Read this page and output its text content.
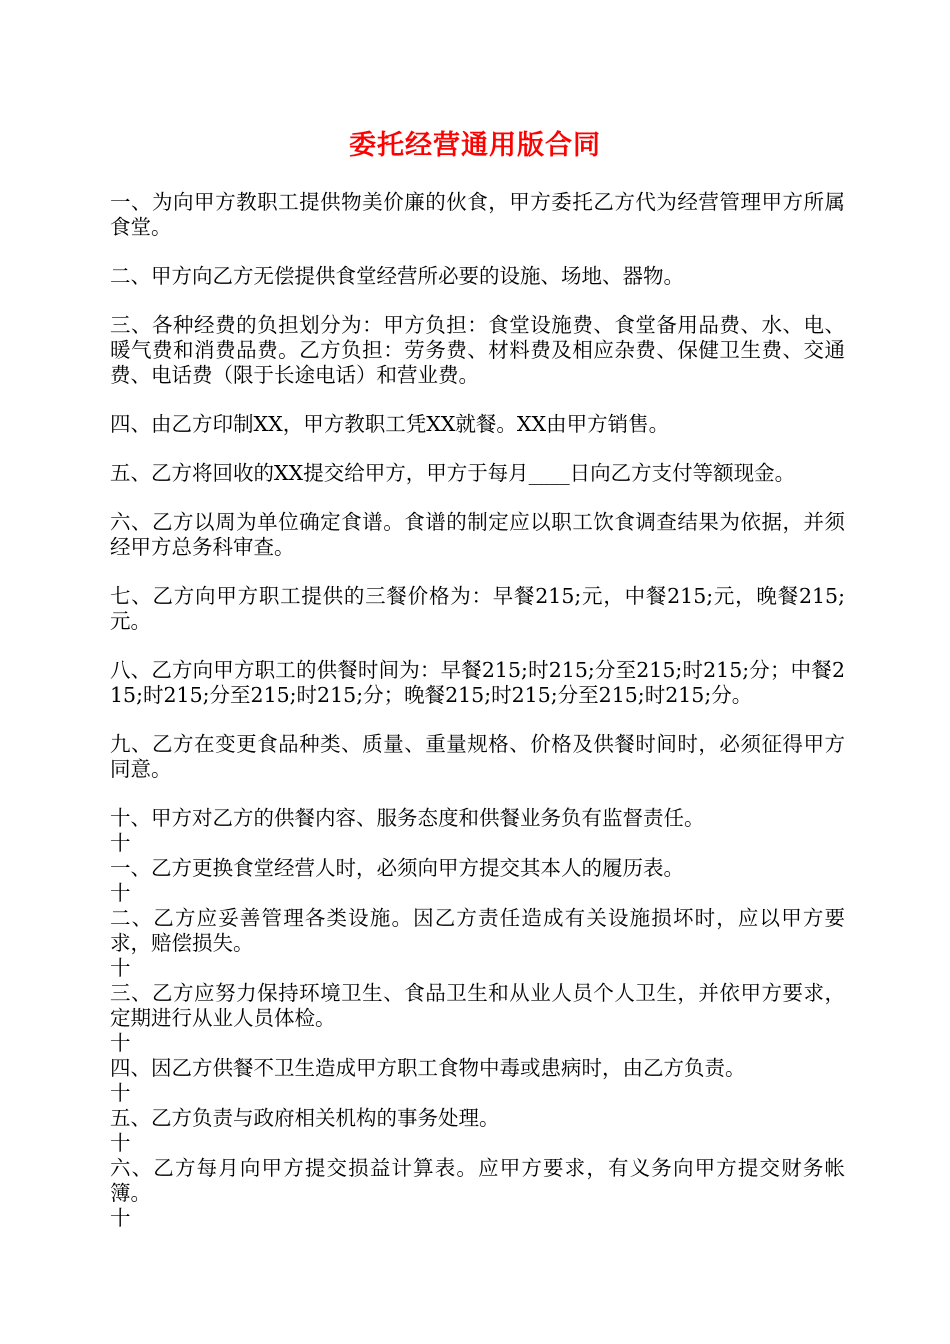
委托经营通用版合同

一、为向甲方教职工提供物美价廉的伙食，甲方委托乙方代为经营管理甲方所属食堂。

二、甲方向乙方无偿提供食堂经营所必要的设施、场地、器物。

三、各种经费的负担划分为：甲方负担：食堂设施费、食堂备用品费、水、电、暖气费和消费品费。乙方负担：劳务费、材料费及相应杂费、保健卫生费、交通费、电话费（限于长途电话）和营业费。

四、由乙方印制XX，甲方教职工凭XX就餐。XX由甲方销售。

五、乙方将回收的XX提交给甲方，甲方于每月____日向乙方支付等额现金。

六、乙方以周为单位确定食谱。食谱的制定应以职工饮食调查结果为依据，并须经甲方总务科审查。

七、乙方向甲方职工提供的三餐价格为：早餐215;元，中餐215;元，晚餐215;元。

八、乙方向甲方职工的供餐时间为：早餐215;时215;分至215;时215;分；中餐215;时215;分至215;时215;分；晚餐215;时215;分至215;时215;分。

九、乙方在变更食品种类、质量、重量规格、价格及供餐时间时，必须征得甲方同意。

十、甲方对乙方的供餐内容、服务态度和供餐业务负有监督责任。

十

一、乙方更换食堂经营人时，必须向甲方提交其本人的履历表。

十

二、乙方应妥善管理各类设施。因乙方责任造成有关设施损坏时，应以甲方要求，赔偿损失。

十

三、乙方应努力保持环境卫生、食品卫生和从业人员个人卫生，并依甲方要求，定期进行从业人员体检。

十

四、因乙方供餐不卫生造成甲方职工食物中毒或患病时，由乙方负责。

十

五、乙方负责与政府相关机构的事务处理。

十

六、乙方每月向甲方提交损益计算表。应甲方要求，有义务向甲方提交财务帐簿。

十
